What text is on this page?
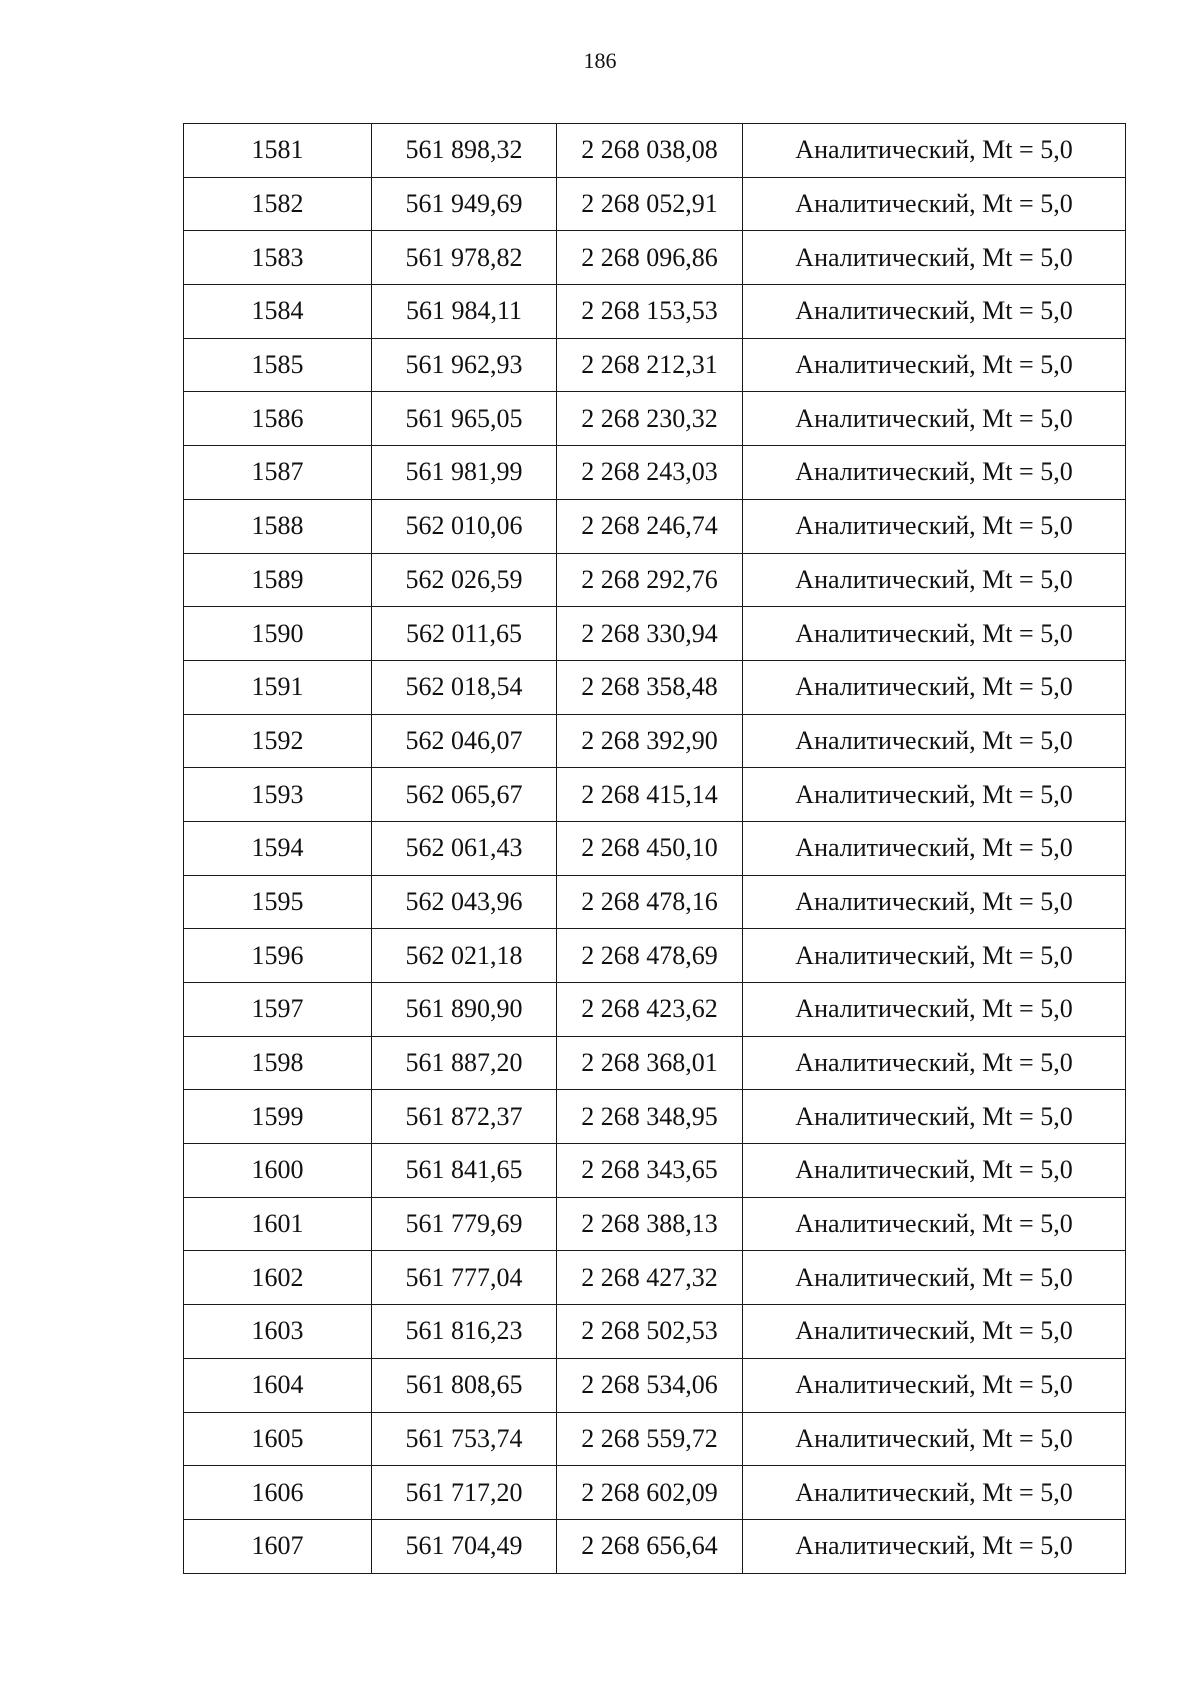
186
1581	561 898,32	2 268 038,08	Аналитический, Mt = 5,0
1582	561 949,69	2 268 052,91	Аналитический, Mt = 5,0
1583	561 978,82	2 268 096,86	Аналитический, Mt = 5,0
1584	561 984,11	2 268 153,53	Аналитический, Mt = 5,0
1585	561 962,93	2 268 212,31	Аналитический, Mt = 5,0
1586	561 965,05	2 268 230,32	Аналитический, Mt = 5,0
1587	561 981,99	2 268 243,03	Аналитический, Mt = 5,0
1588	562 010,06	2 268 246,74	Аналитический, Mt = 5,0
1589	562 026,59	2 268 292,76	Аналитический, Mt = 5,0
1590	562 011,65	2 268 330,94	Аналитический, Mt = 5,0
1591	562 018,54	2 268 358,48	Аналитический, Mt = 5,0
1592	562 046,07	2 268 392,90	Аналитический, Mt = 5,0
1593	562 065,67	2 268 415,14	Аналитический, Mt = 5,0
1594	562 061,43	2 268 450,10	Аналитический, Mt = 5,0
1595	562 043,96	2 268 478,16	Аналитический, Mt = 5,0
1596	562 021,18	2 268 478,69	Аналитический, Mt = 5,0
1597	561 890,90	2 268 423,62	Аналитический, Mt = 5,0
1598	561 887,20	2 268 368,01	Аналитический, Mt = 5,0
1599	561 872,37	2 268 348,95	Аналитический, Mt = 5,0
1600	561 841,65	2 268 343,65	Аналитический, Mt = 5,0
1601	561 779,69	2 268 388,13	Аналитический, Mt = 5,0
1602	561 777,04	2 268 427,32	Аналитический, Mt = 5,0
1603	561 816,23	2 268 502,53	Аналитический, Mt = 5,0
1604	561 808,65	2 268 534,06	Аналитический, Mt = 5,0
1605	561 753,74	2 268 559,72	Аналитический, Mt = 5,0
1606	561 717,20	2 268 602,09	Аналитический, Mt = 5,0
1607	561 704,49	2 268 656,64	Аналитический, Mt = 5,0
